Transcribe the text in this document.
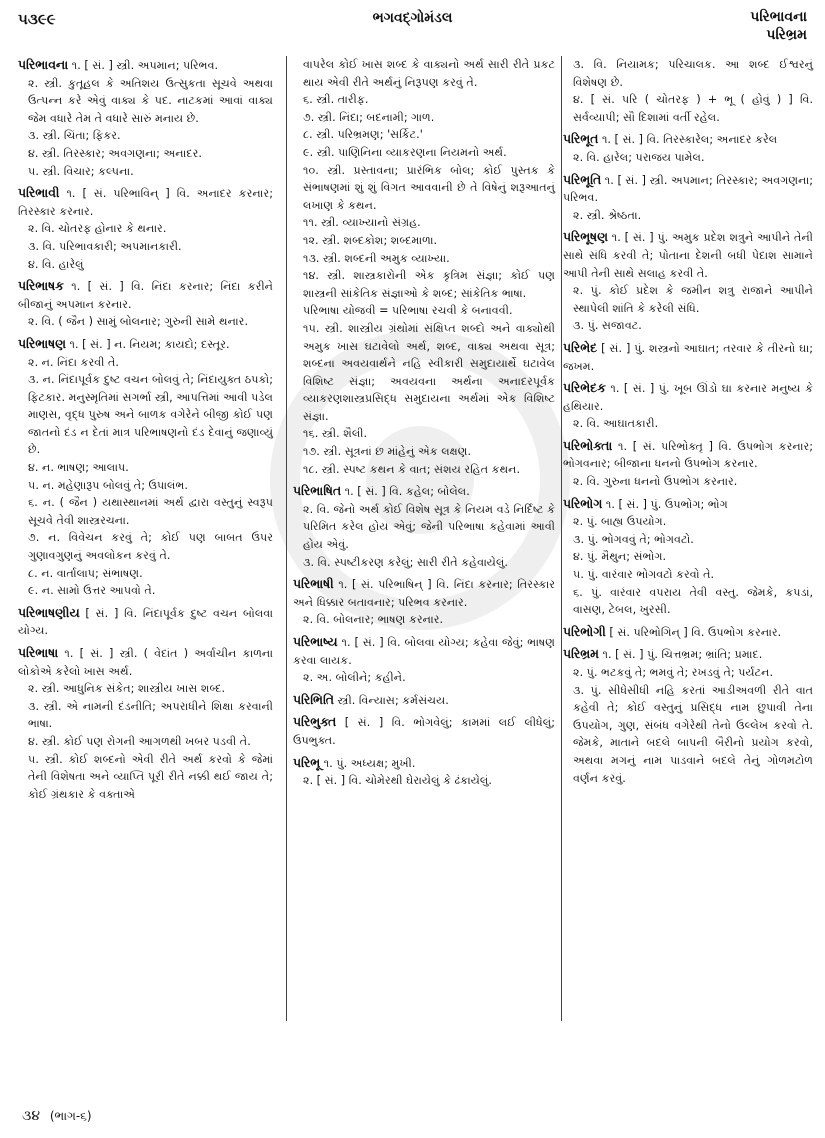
૫૩૯૯	ભગવદ્ગોમંડલ	પરિભાવના
પરિભ્રમ

પરિભાવના ૧. [ સં. ] સ્ત્રી. અપમાન; પરિભવ.

૨. સ્ત્રી. કુતૂહલ કે અતિશય ઉત્સુકતા સૂચવે અથવા ઉત્પન્ન કરે એવું વાક્ય કે પદ. નાટકમાં આવાં વાક્ય જેમ વધારે તેમ તે વધારે સારું મનાય છે.

૩. સ્ત્રી. ચિંતા; ફિકર.

૪. સ્ત્રી. તિરસ્કાર; અવગણના; અનાદર.

૫. સ્ત્રી. વિચાર; કલ્પના.

પરિભાવી ૧. [ સં. પરિભાવિન્ ] વિ. અનાદર કરનાર; તિરસ્કાર કરનાર.

૨. વિ. ચોતરફ હોનાર કે થનાર.

૩. વિ. પરિભાવકારી; અપમાનકારી.

૪. વિ. હારેલું

પરિભાષક ૧. [ સં. ] વિ. નિંદા કરનાર; નિંદા કરીને બીજાનું અપમાન કરનાર.

૨. વિ. ( જૈન ) સામું બોલનાર; ગુરુની સામે થનાર.

પરિભાષણ ૧. [ સં. ] ન. નિયમ; કાયદો; દસ્તૂર.

૨. ન. નિંદા કરવી તે.

૩. ન. નિંદાપૂર્વક દુષ્ટ વચન બોલવું તે; નિંદાયુક્ત ઠપકો; ફિટકાર. મનુસ્મૃતિમાં સગર્ભા સ્ત્રી, આપત્તિમાં આવી પડેલ માણસ, વૃદ્ધ પુરુષ અને બાળક વગેરેને બીજી કોઈ પણ જાતનો દંડ ન દેતાં માત્ર પરિભાષણનો દંડ દેવાનું જણાવ્યું છે.

૪. ન. ભાષણ; આલાપ.

૫. ન. મહેણારૂપ બોલવું તે; ઉપાલંભ.

૬. ન. ( જૈન ) યથાસ્થાનમાં અર્થ દ્વારા વસ્તુનું સ્વરૂપ સૂચવે તેવી શાસ્ત્રરચના.

૭. ન. વિવેચન કરવું તે; કોઈ પણ બાબત ઉપર ગુણાવગુણનું અવલોકન કરવું તે.

૮. ન. વાર્તાલાપ; સંભાષણ.

૯. ન. સામો ઉત્તર આપવો તે.

પરિભાષણીય [ સં. ] વિ. નિંદાપૂર્વક દુષ્ટ વચન બોલવા યોગ્ય.

પરિભાષા ૧. [ સં. ] સ્ત્રી. ( વેદાંત ) અર્વાચીન કાળના લોકોએ કરેલો ખાસ અર્થ.

૨. સ્ત્રી. આધુનિક સંકેત; શાસ્ત્રીય ખાસ શબ્દ.

૩. સ્ત્રી. એ નામની દંડનીતિ; અપરાધીને શિક્ષા કરવાની ભાષા.

૪. સ્ત્રી. કોઈ પણ રોગની આગળથી ખબર પડવી તે.

૫. સ્ત્રી. કોઈ શબ્દનો એવી રીતે અર્થ કરવો કે જેમાં તેની વિશેષતા અને વ્યાપ્તિ પૂરી રીતે નક્કી થઈ જાય તે; કોઈ ગ્રંથકાર કે વક્તાએ

વાપરેલ કોઈ ખાસ શબ્દ કે વાક્યનો અર્થ સારી રીતે પ્રકટ થાય એવી રીતે અર્થનું નિરૂપણ કરવું તે.

૬. સ્ત્રી. તારીફ.

૭. સ્ત્રી. નિંદા; બદનામી; ગાળ.

૮. સ્ત્રી. પરિભ્રમણ; 'સર્કિટ.'

૯. સ્ત્રી. પાણિનિના વ્યાકરણના નિયમનો અર્થ.

૧૦. સ્ત્રી. પ્રસ્તાવના; પ્રારંભિક બોલ; કોઈ પુસ્તક કે સંભાષણમાં શું શું વિગત આવવાની છે તે વિષેનું શરૂઆતનું લખાણ કે કથન.

૧૧. સ્ત્રી. વ્યાખ્યાનો સંગ્રહ.

૧૨. સ્ત્રી. શબ્દકોશ; શબ્દમાળા.

૧૩. સ્ત્રી. શબ્દની અમુક વ્યાખ્યા.

૧૪. સ્ત્રી. શાસ્ત્રકારોની એક કૃત્રિમ સંજ્ઞા; કોઈ પણ શાસ્ત્રની સાંકેતિક સંજ્ઞાઓ કે શબ્દ; સાંકેતિક ભાષા.

પરિભાષા યોજવી = પરિભાષા રચવી કે બનાવવી.

૧૫. સ્ત્રી. શાસ્ત્રીય ગ્રંથોમાં સંક્ષિપ્ત શબ્દો અને વાક્યોથી અમુક ખાસ ઘટાવેલો અર્થ, શબ્દ, વાક્ય અથવા સૂત્ર; શબ્દના અવયવાર્થને નહિ સ્વીકારી સમુદાયાર્થે ઘટાવેલ વિશિષ્ટ સંજ્ઞા; અવયવના અર્થના અનાદરપૂર્વક વ્યાકરણશાસ્ત્રપ્રસિદ્ધ સમુદાયના અર્થમાં એક વિશિષ્ટ સંજ્ઞા.

૧૬. સ્ત્રી. શૈલી.

૧૭. સ્ત્રી. સૂત્રનાં છ માંહેનું એક લક્ષણ.

૧૮. સ્ત્રી. સ્પષ્ટ કથન કે વાત; સંશય રહિત કથન.

પરિભાષિત ૧. [ સં. ] વિ. કહેલ; બોલેલ.

૨. વિ. જેનો અર્થ કોઈ વિશેષ સૂત્ર કે નિયમ વડે નિર્દિષ્ટ કે પરિમિત કરેલ હોય એવું; જેની પરિભાષા કહેવામાં આવી હોય એવું.

૩. વિ. સ્પષ્ટીકરણ કરેલું; સારી રીતે કહેવાયેલું.

પરિભાષી ૧. [ સં. પરિભાષિન્ ] વિ. નિંદા કરનાર; તિરસ્કાર અને ધિક્કાર બતાવનાર; પરિભવ કરનાર.

૨. વિ. બોલનાર; ભાષણ કરનાર.

પરિભાષ્ય ૧. [ સં. ] વિ. બોલવા યોગ્ય; કહેવા જેવું; ભાષણ કરવા લાયક.

૨. અ. બોલીને; કહીને.

પરિભિતિ સ્ત્રી. વિન્યાસ; કર્મસંચય.

પરિભુક્ત [ સં. ] વિ. ભોગવેલું; કામમાં લઈ લીધેલું; ઉપભુક્ત.

પરિભૂ ૧. પું. અધ્યક્ષ; મુખી.

૨. [ સં. ] વિ. ચોમેરથી ઘેરાયેલું કે ઢંકાયેલું.

૩. વિ. નિયામક; પરિચાલક. આ શબ્દ ઈશ્વરનું વિશેષણ છે.

૪. [ સં. પરિ ( ચોતરફ ) + ભૂ ( હોવું ) ] વિ. સર્વવ્યાપી; સૌ દિશામાં વર્તી રહેલ.

પરિભૂત ૧. [ સં. ] વિ. તિરસ્કારેલ; અનાદર કરેલ

૨. વિ. હારેલ; પરાજય પામેલ.

પરિભૂતિ ૧. [ સં. ] સ્ત્રી. અપમાન; તિરસ્કાર; અવગણના; પરિભવ.

૨. સ્ત્રી. શ્રેષ્ઠતા.

પરિભૂષણ ૧. [ સં. ] પું. અમુક પ્રદેશ શત્રુને આપીને તેની સાથે સંધિ કરવી તે; પોતાના દેશની બધી પેદાશ સામાને આપી તેની સાથે સલાહ કરવી તે.

૨. પું. કોઈ પ્રદેશ કે જમીન શત્રુ રાજાને આપીને સ્થાપેલી શાંતિ કે કરેલી સંધિ.

૩. પું. સજાવટ.

પરિભેદ [ સં. ] પું. શસ્ત્રનો આઘાત; તરવાર કે તીરનો ઘા; જખમ.

પરિભેદક ૧. [ સં. ] પું. ખૂબ ઊંડો ઘા કરનાર મનુષ્ય કે હથિયાર.

૨. વિ. આઘાતકારી.

પરિભોક્તા ૧. [ સં. પરિભોક્તૃ ] વિ. ઉપભોગ કરનાર; ભોગવનાર; બીજાના ધનનો ઉપભોગ કરનાર.

૨. વિ. ગુરુના ધનનો ઉપભોગ કરનાર.

પરિભોગ ૧. [ સં. ] પું. ઉપભોગ; ભોગ

૨. પું. બાહ્ય ઉપયોગ.

૩. પું. ભોગવવું તે; ભોગવટો.

૪. પું. મૈથુન; સંભોગ.

૫. પું. વારંવાર ભોગવટો કરવો તે.

૬. પું. વારંવાર વપરાય તેવી વસ્તુ. જેમકે, કપડાં, વાસણ, ટેબલ, ખુરસી.

પરિભોગી [ સં. પરિભોગિન્ ] વિ. ઉપભોગ કરનાર.

પરિભ્રમ ૧. [ સં. ] પું. ચિત્તભ્રમ; ભ્રાંતિ; પ્રમાદ.

૨. પું. ભટકવું તે; ભમવું તે; રખડવું તે; પર્યટન.

૩. પું. સીધેસીધી નહિ કરતાં આડીઅવળી રીતે વાત કહેવી તે; કોઈ વસ્તુનું પ્રસિદ્ધ નામ છુપાવી તેના ઉપયોગ, ગુણ, સંબંધ વગેરેથી તેનો ઉલ્લેખ કરવો તે. જેમકે, માતાને બદલે બાપની બૈરીનો પ્રયોગ કરવો, અથવા મગનું નામ પાડવાને બદલે તેનું ગોળમટોળ વર્ણન કરવું.

૩૪ (ભાગ-૬)
